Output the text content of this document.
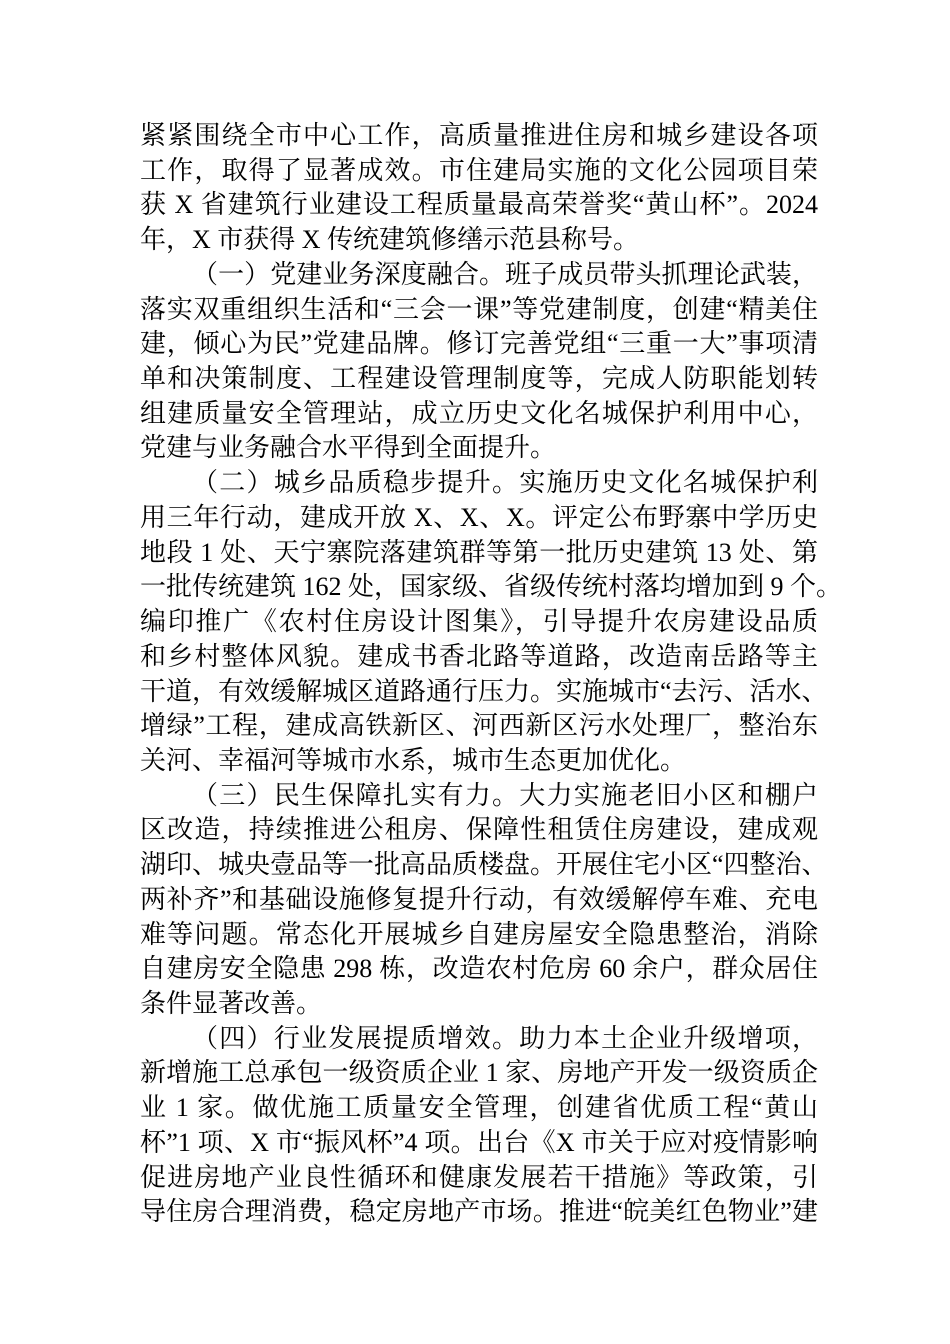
紧紧围绕全市中心工作，高质量推进住房和城乡建设各项
工作，取得了显著成效。市住建局实施的文化公园项目荣
获 X 省建筑行业建设工程质量最高荣誉奖“黄山杯”。2024
年，X 市获得 X 传统建筑修缮示范县称号。
（一）党建业务深度融合。班子成员带头抓理论武装，
落实双重组织生活和“三会一课”等党建制度，创建“精美住
建，倾心为民”党建品牌。修订完善党组“三重一大”事项清
单和决策制度、工程建设管理制度等，完成人防职能划转
组建质量安全管理站，成立历史文化名城保护利用中心，
党建与业务融合水平得到全面提升。
（二）城乡品质稳步提升。实施历史文化名城保护利
用三年行动，建成开放 X、X、X。评定公布野寨中学历史
地段 1 处、天宁寨院落建筑群等第一批历史建筑 13 处、第
一批传统建筑 162 处，国家级、省级传统村落均增加到 9 个。
编印推广《农村住房设计图集》，引导提升农房建设品质
和乡村整体风貌。建成书香北路等道路，改造南岳路等主
干道，有效缓解城区道路通行压力。实施城市“去污、活水、
增绿”工程，建成高铁新区、河西新区污水处理厂，整治东
关河、幸福河等城市水系，城市生态更加优化。
（三）民生保障扎实有力。大力实施老旧小区和棚户
区改造，持续推进公租房、保障性租赁住房建设，建成观
湖印、城央壹品等一批高品质楼盘。开展住宅小区“四整治、
两补齐”和基础设施修复提升行动，有效缓解停车难、充电
难等问题。常态化开展城乡自建房屋安全隐患整治，消除
自建房安全隐患 298 栋，改造农村危房 60 余户，群众居住
条件显著改善。
（四）行业发展提质增效。助力本土企业升级增项，
新增施工总承包一级资质企业 1 家、房地产开发一级资质企
业 1 家。做优施工质量安全管理，创建省优质工程“黄山
杯”1 项、X 市“振风杯”4 项。出台《X 市关于应对疫情影响
促进房地产业良性循环和健康发展若干措施》等政策，引
导住房合理消费，稳定房地产市场。推进“皖美红色物业”建
